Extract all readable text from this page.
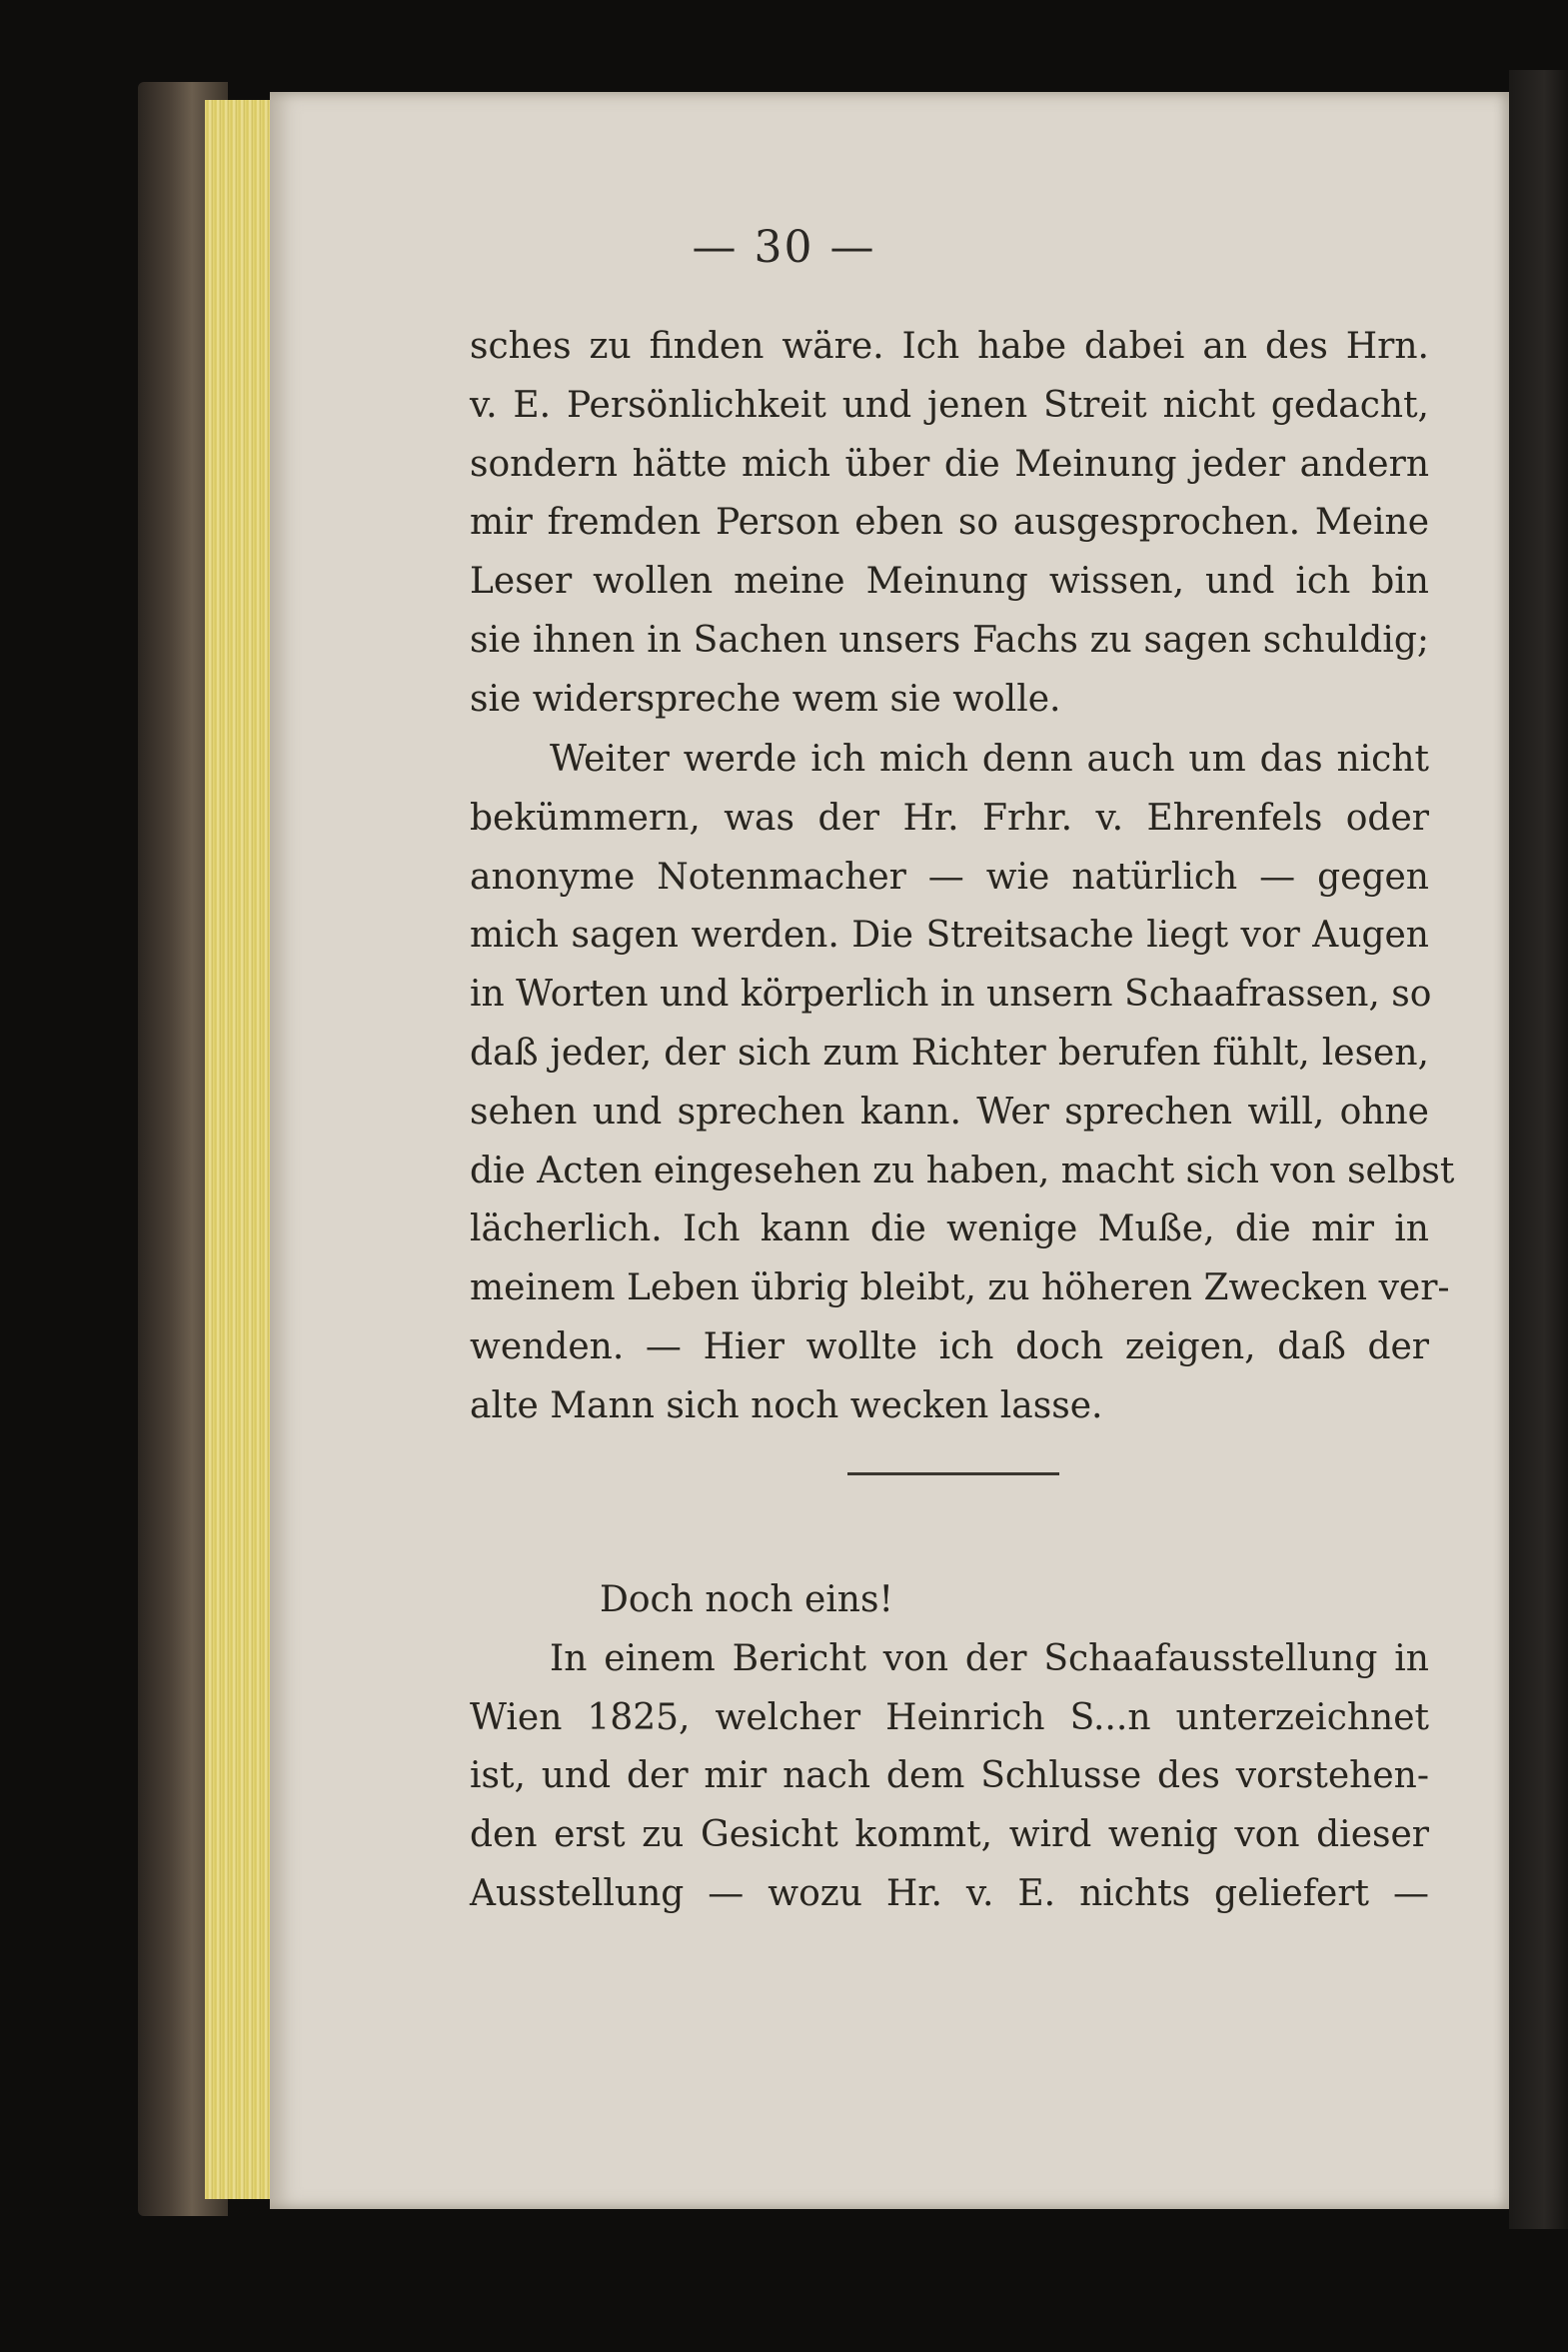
— 30 —
sches zu finden wäre. Ich habe dabei an des Hrn.
v. E. Persönlichkeit und jenen Streit nicht gedacht,
sondern hätte mich über die Meinung jeder andern
mir fremden Person eben so ausgesprochen. Meine
Leser wollen meine Meinung wissen, und ich bin
sie ihnen in Sachen unsers Fachs zu sagen schuldig;
sie widerspreche wem sie wolle.
Weiter werde ich mich denn auch um das nicht
bekümmern, was der Hr. Frhr. v. Ehrenfels oder
anonyme Notenmacher — wie natürlich — gegen
mich sagen werden. Die Streitsache liegt vor Augen
in Worten und körperlich in unsern Schaafrassen, so
daß jeder, der sich zum Richter berufen fühlt, lesen,
sehen und sprechen kann. Wer sprechen will, ohne
die Acten eingesehen zu haben, macht sich von selbst
lächerlich. Ich kann die wenige Muße, die mir in
meinem Leben übrig bleibt, zu höheren Zwecken ver-
wenden. — Hier wollte ich doch zeigen, daß der
alte Mann sich noch wecken lasse.
Doch noch eins!
In einem Bericht von der Schaafausstellung in
Wien 1825, welcher Heinrich S...n unterzeichnet
ist, und der mir nach dem Schlusse des vorstehen-
den erst zu Gesicht kommt, wird wenig von dieser
Ausstellung — wozu Hr. v. E. nichts geliefert —
